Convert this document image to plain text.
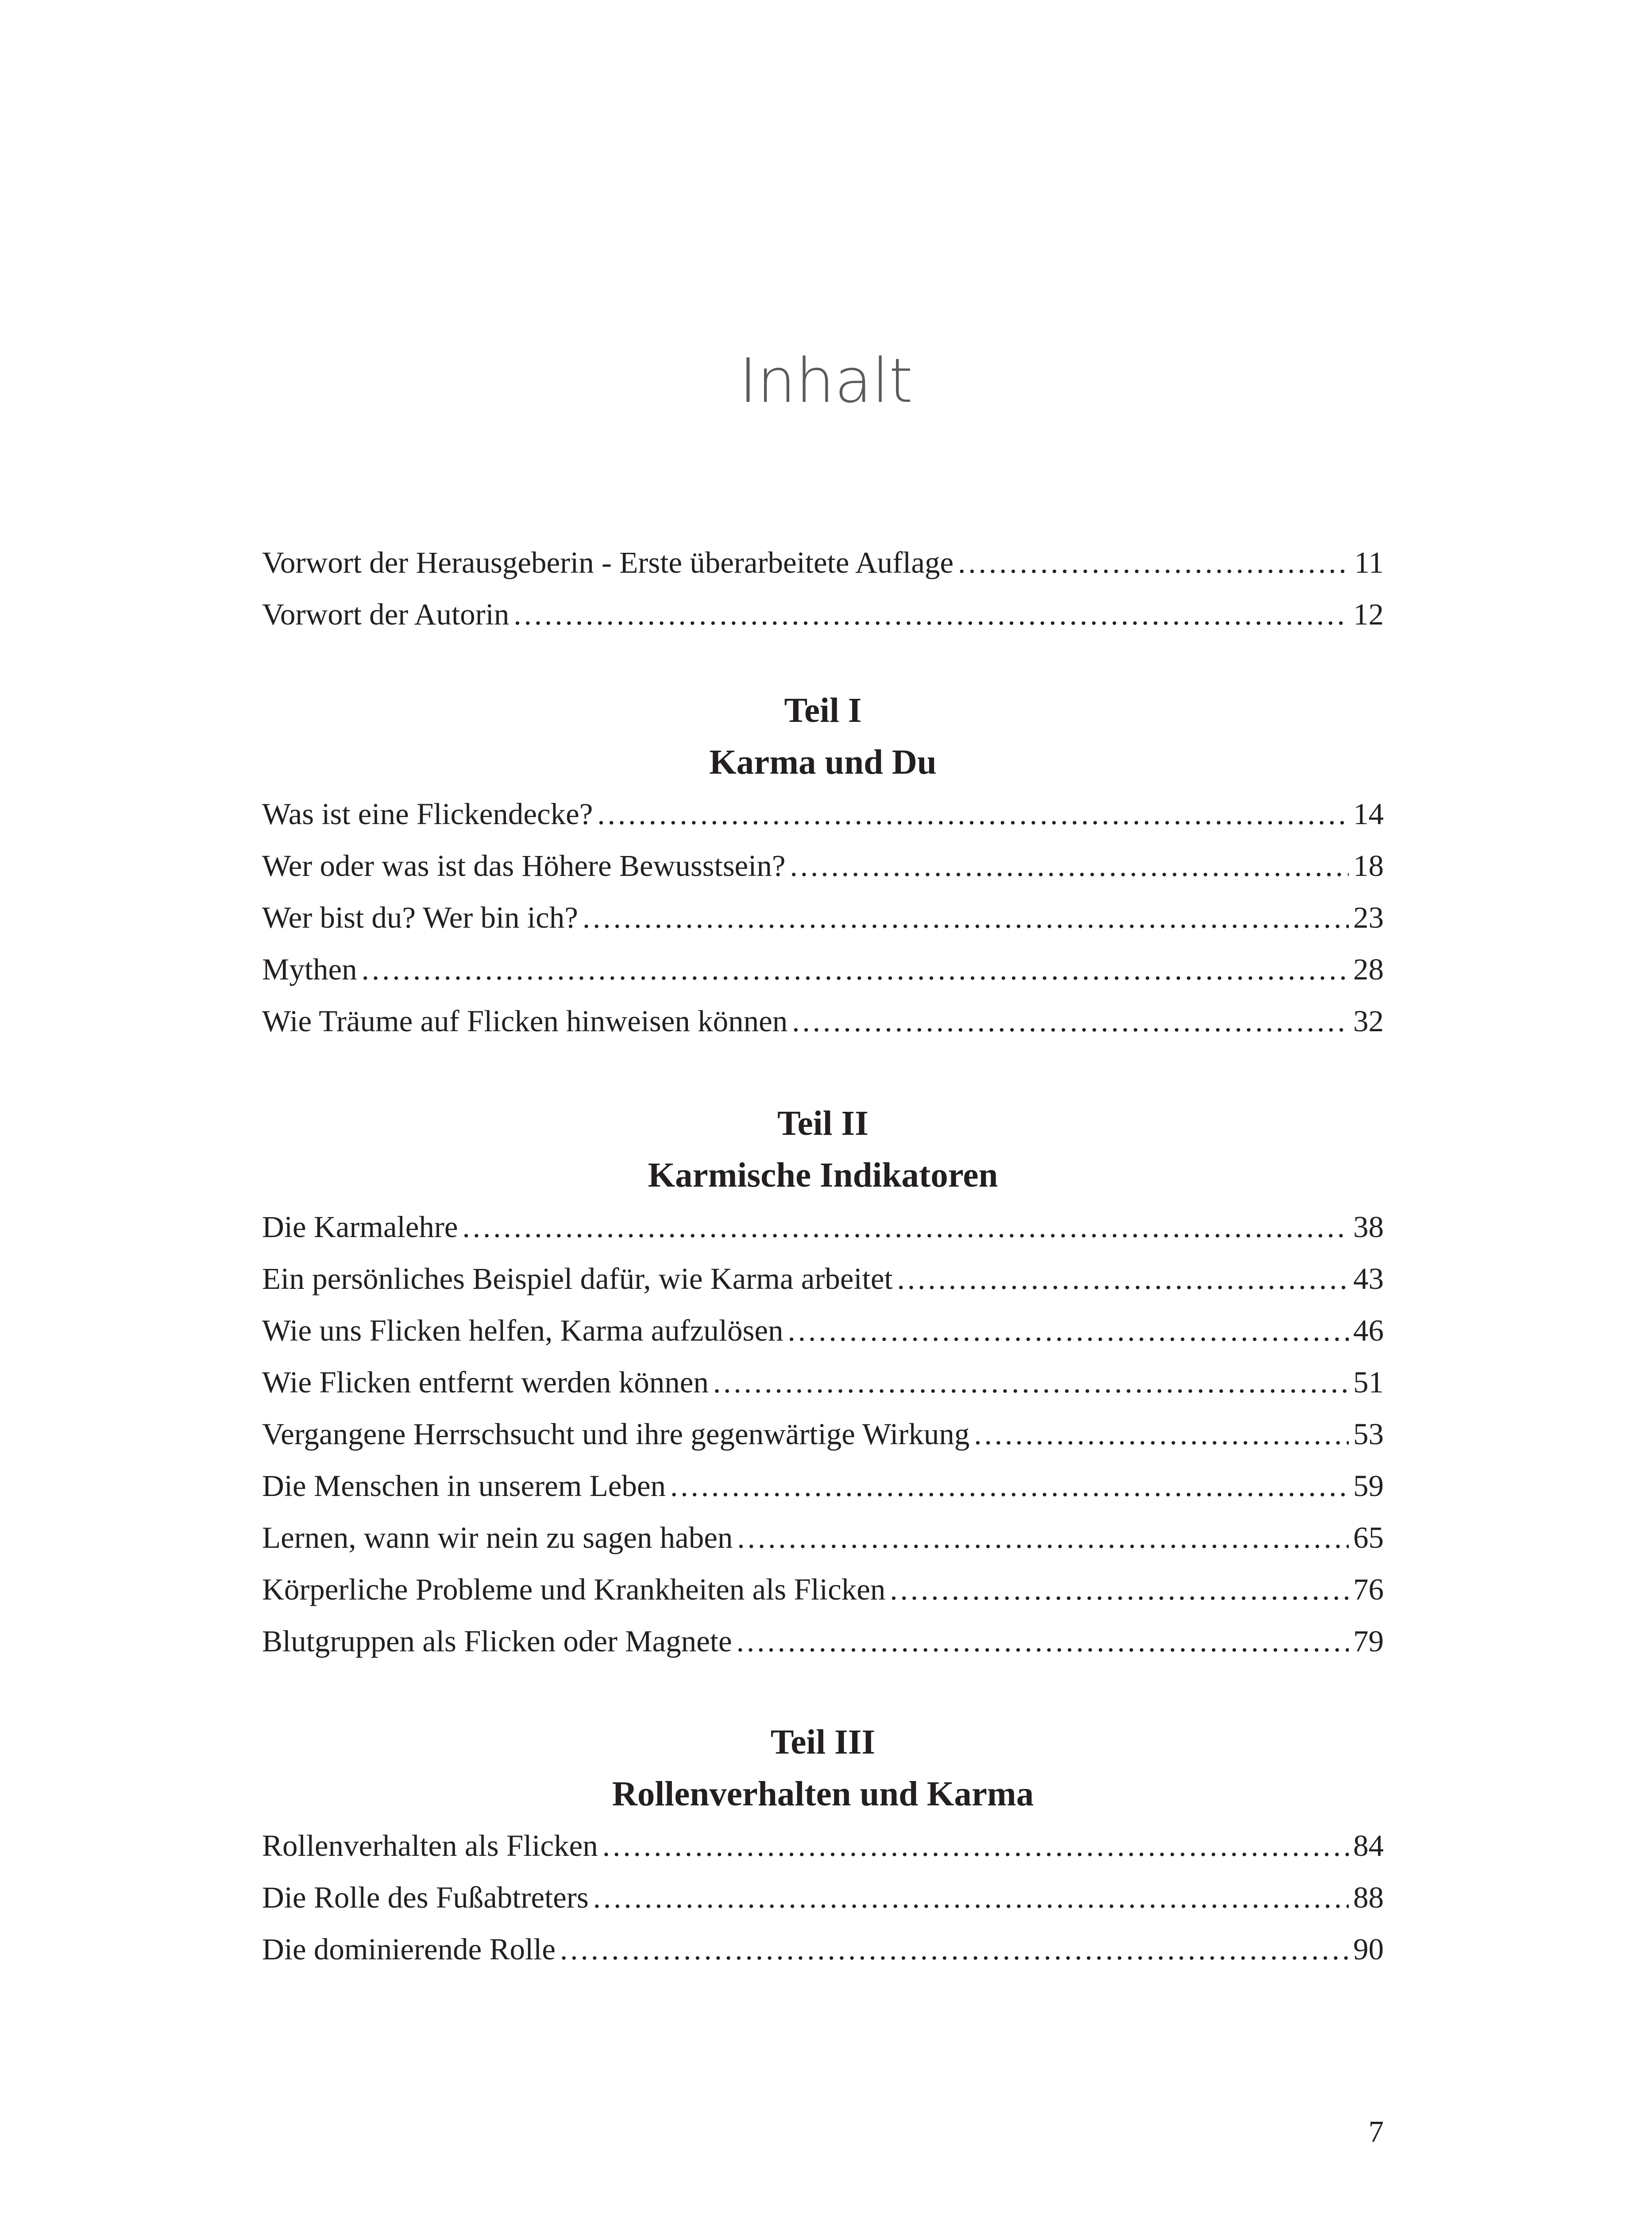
Inhalt
Vorwort der Herausgeberin - Erste überarbeitete Auflage .....	11
Vorwort der Autorin .....	12
Teil I
Karma und Du
Was ist eine Flickendecke? .....	14
Wer oder was ist das Höhere Bewusstsein? .....	18
Wer bist du? Wer bin ich? .....	23
Mythen .....	28
Wie Träume auf Flicken hinweisen können .....	32
Teil II
Karmische Indikatoren
Die Karmalehre .....	38
Ein persönliches Beispiel dafür, wie Karma arbeitet .....	43
Wie uns Flicken helfen, Karma aufzulösen .....	46
Wie Flicken entfernt werden können .....	51
Vergangene Herrschsucht und ihre gegenwärtige Wirkung .....	53
Die Menschen in unserem Leben .....	59
Lernen, wann wir nein zu sagen haben .....	65
Körperliche Probleme und Krankheiten als Flicken .....	76
Blutgruppen als Flicken oder Magnete .....	79
Teil III
Rollenverhalten und Karma
Rollenverhalten als Flicken .....	84
Die Rolle des Fußabtreters .....	88
Die dominierende Rolle .....	90
7
